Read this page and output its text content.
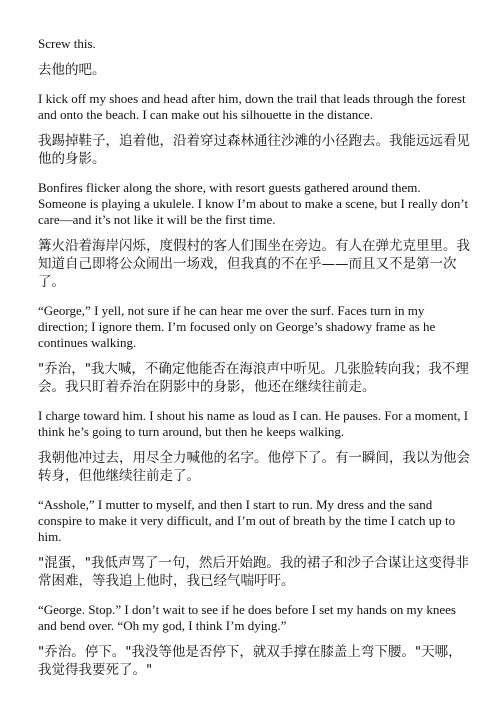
Screw this.

去他的吧。

I kick off my shoes and head after him, down the trail that leads through the forest and onto the beach. I can make out his silhouette in the distance.

我踢掉鞋子，追着他，沿着穿过森林通往沙滩的小径跑去。我能远远看见他的身影。

Bonfires flicker along the shore, with resort guests gathered around them. Someone is playing a ukulele. I know I’m about to make a scene, but I really don’t care—and it’s not like it will be the first time.

篝火沿着海岸闪烁，度假村的客人们围坐在旁边。有人在弹尤克里里。我知道自己即将公众闹出一场戏，但我真的不在乎——而且又不是第一次了。

“George,” I yell, not sure if he can hear me over the surf. Faces turn in my direction; I ignore them. I’m focused only on George’s shadowy frame as he continues walking.

"乔治，"我大喊，不确定他能否在海浪声中听见。几张脸转向我；我不理会。我只盯着乔治在阴影中的身影，他还在继续往前走。

I charge toward him. I shout his name as loud as I can. He pauses. For a moment, I think he’s going to turn around, but then he keeps walking.

我朝他冲过去，用尽全力喊他的名字。他停下了。有一瞬间，我以为他会转身，但他继续往前走了。

“Asshole,” I mutter to myself, and then I start to run. My dress and the sand conspire to make it very difficult, and I’m out of breath by the time I catch up to him.

"混蛋，"我低声骂了一句，然后开始跑。我的裙子和沙子合谋让这变得非常困难，等我追上他时，我已经气喘吁吁。

“George. Stop.” I don’t wait to see if he does before I set my hands on my knees and bend over. “Oh my god, I think I’m dying.”

"乔治。停下。"我没等他是否停下，就双手撑在膝盖上弯下腰。"天哪，我觉得我要死了。"
